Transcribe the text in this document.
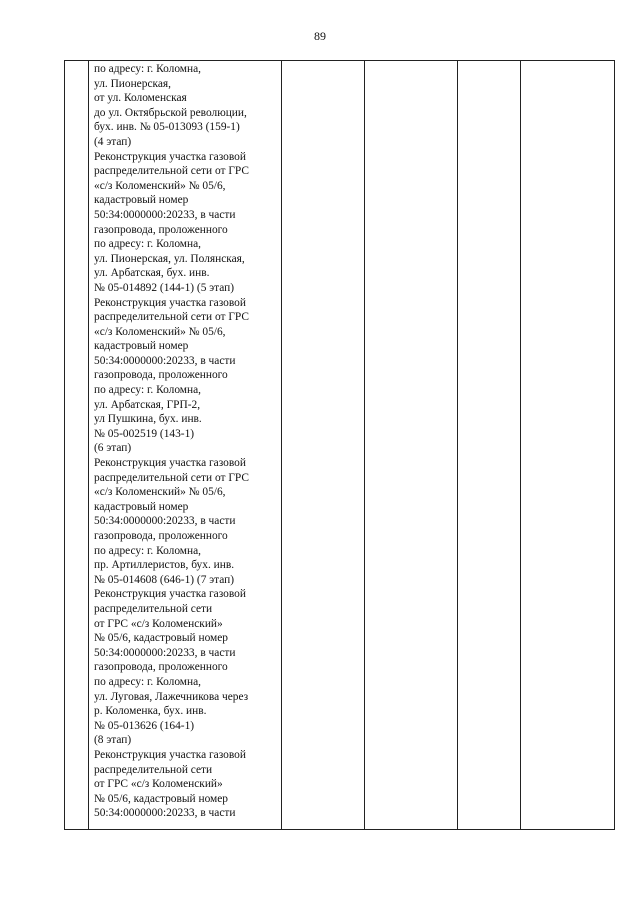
89

по адресу: г. Коломна,
ул. Пионерская,
от ул. Коломенская
до ул. Октябрьской революции,
бух. инв. № 05-013093 (159-1)
(4 этап)
Реконструкция участка газовой
распределительной сети от ГРС
«с/з Коломенский» № 05/6,
кадастровый номер
50:34:0000000:20233, в части
газопровода, проложенного
по адресу: г. Коломна,
ул. Пионерская, ул. Полянская,
ул. Арбатская, бух. инв.
№ 05-014892 (144-1) (5 этап)
Реконструкция участка газовой
распределительной сети от ГРС
«с/з Коломенский» № 05/6,
кадастровый номер
50:34:0000000:20233, в части
газопровода, проложенного
по адресу: г. Коломна,
ул. Арбатская, ГРП-2,
ул Пушкина, бух. инв.
№ 05-002519 (143-1)
(6 этап)
Реконструкция участка газовой
распределительной сети от ГРС
«с/з Коломенский» № 05/6,
кадастровый номер
50:34:0000000:20233, в части
газопровода, проложенного
по адресу: г. Коломна,
пр. Артиллеристов, бух. инв.
№ 05-014608 (646-1) (7 этап)
Реконструкция участка газовой
распределительной сети
от ГРС «с/з Коломенский»
№ 05/6, кадастровый номер
50:34:0000000:20233, в части
газопровода, проложенного
по адресу: г. Коломна,
ул. Луговая, Лажечникова через
р. Коломенка, бух. инв.
№ 05-013626 (164-1)
(8 этап)
Реконструкция участка газовой
распределительной сети
от ГРС «с/з Коломенский»
№ 05/6, кадастровый номер
50:34:0000000:20233, в части
